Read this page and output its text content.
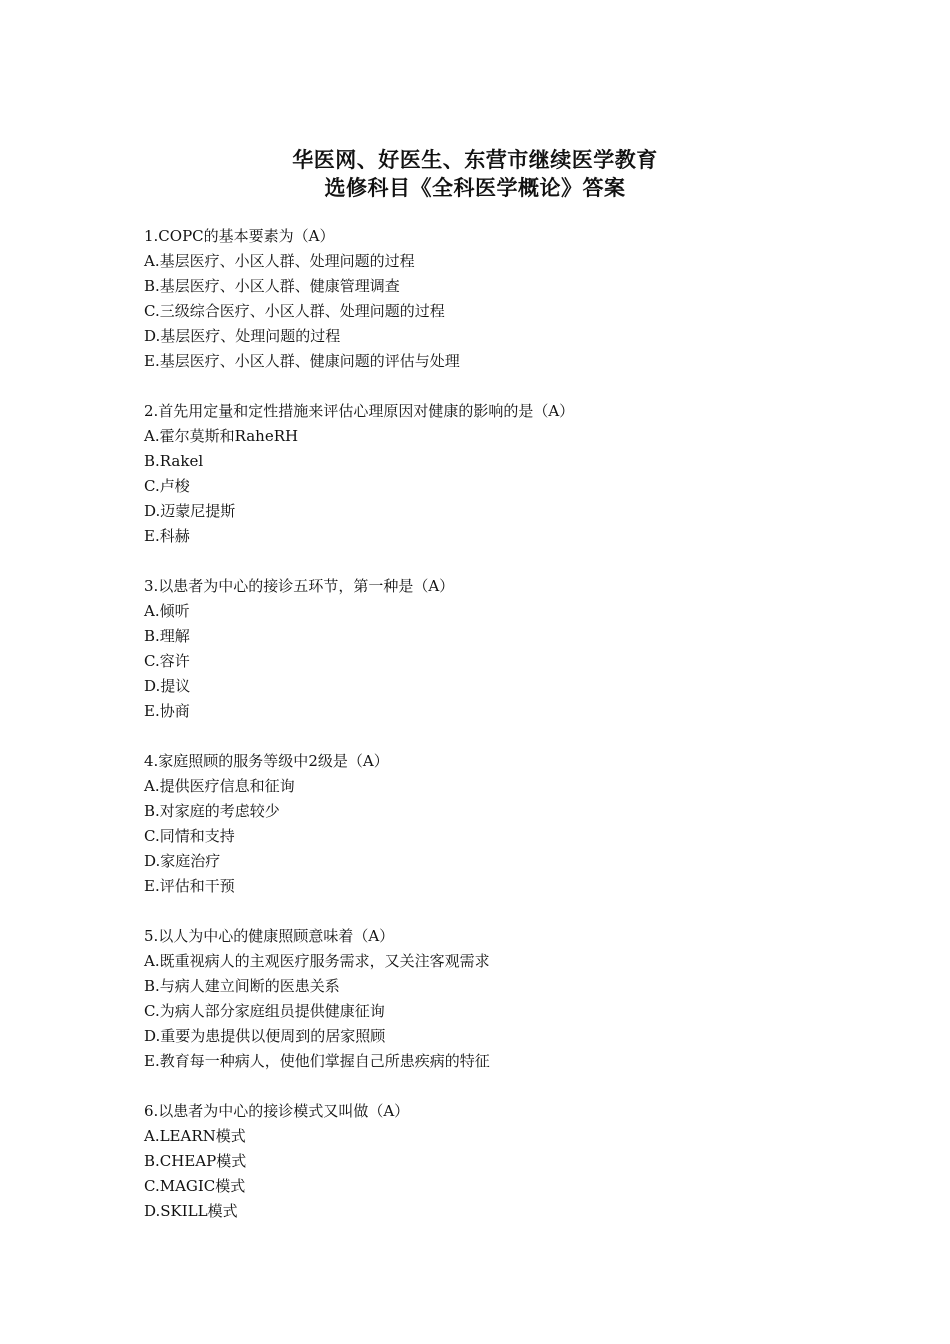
华医网、好医生、东营市继续医学教育
选修科目《全科医学概论》答案
1.COPC的基本要素为（A）
A.基层医疗、小区人群、处理问题的过程
B.基层医疗、小区人群、健康管理调查
C.三级综合医疗、小区人群、处理问题的过程
D.基层医疗、处理问题的过程
E.基层医疗、小区人群、健康问题的评估与处理
2.首先用定量和定性措施来评估心理原因对健康的影响的是（A）
A.霍尔莫斯和RaheRH
B.Rakel
C.卢梭
D.迈蒙尼提斯
E.科赫
3.以患者为中心的接诊五环节，第一种是（A）
A.倾听
B.理解
C.容许
D.提议
E.协商
4.家庭照顾的服务等级中2级是（A）
A.提供医疗信息和征询
B.对家庭的考虑较少
C.同情和支持
D.家庭治疗
E.评估和干预
5.以人为中心的健康照顾意味着（A）
A.既重视病人的主观医疗服务需求，又关注客观需求
B.与病人建立间断的医患关系
C.为病人部分家庭组员提供健康征询
D.重要为患提供以便周到的居家照顾
E.教育每一种病人，使他们掌握自己所患疾病的特征
6.以患者为中心的接诊模式又叫做（A）
A.LEARN模式
B.CHEAP模式
C.MAGIC模式
D.SKILL模式
